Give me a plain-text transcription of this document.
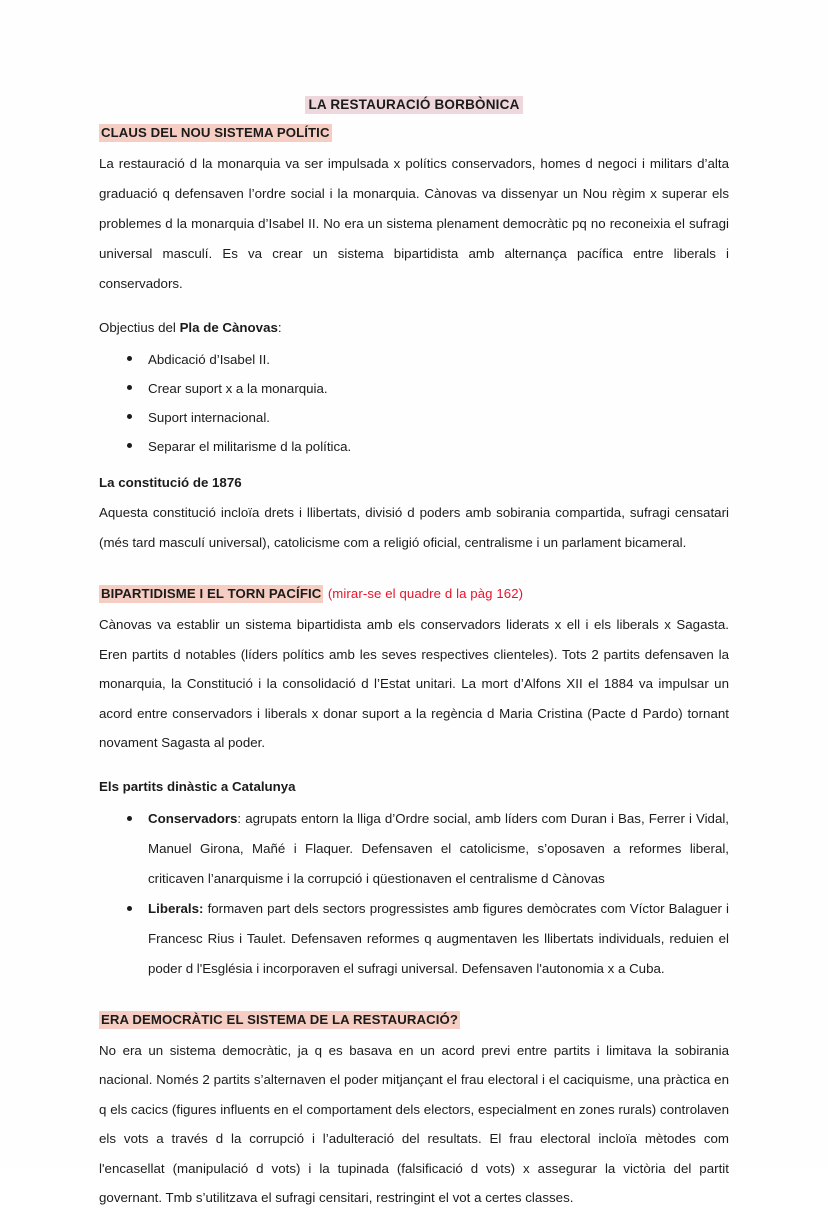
LA RESTAURACIÓ BORBÒNICA
CLAUS DEL NOU SISTEMA POLÍTIC

La restauració d la monarquia va ser impulsada x polítics conservadors, homes d negoci i militars d’alta graduació q defensaven l’ordre social i la monarquia. Cànovas va dissenyar un Nou règim x superar els problemes d la monarquia d’Isabel II. No era un sistema plenament democràtic pq no reconeixia el sufragi universal masculí. Es va crear un sistema bipartidista amb alternança pacífica entre liberals i conservadors.

Objectius del Pla de Cànovas:

Abdicació d’Isabel II.
Crear suport x a la monarquia.
Suport internacional.
Separar el militarisme d la política.
La constitució de 1876

Aquesta constitució incloïa drets i llibertats, divisió d poders amb sobirania compartida, sufragi censatari (més tard masculí universal), catolicisme com a religió oficial, centralisme i un parlament bicameral.

BIPARTIDISME I EL TORN PACÍFIC (mirar-se el quadre d la pàg 162)

Cànovas va establir un sistema bipartidista amb els conservadors liderats x ell i els liberals x Sagasta. Eren partits d notables (líders polítics amb les seves respectives clienteles). Tots 2 partits defensaven la monarquia, la Constitució i la consolidació d l’Estat unitari. La mort d’Alfons XII el 1884 va impulsar un acord entre conservadors i liberals x donar suport a la regència d Maria Cristina (Pacte d Pardo) tornant novament Sagasta al poder.

Els partits dinàstic a Catalunya
Conservadors: agrupats entorn la lliga d’Ordre social, amb líders com Duran i Bas, Ferrer i Vidal, Manuel Girona, Mañé i Flaquer. Defensaven el catolicisme, s’oposaven a reformes liberal, criticaven l’anarquisme i la corrupció i qüestionaven el centralisme d Cànovas
Liberals: formaven part dels sectors progressistes amb figures demòcrates com Víctor Balaguer i Francesc Rius i Taulet. Defensaven reformes q augmentaven les llibertats individuals, reduien el poder d l'Església i incorporaven el sufragi universal. Defensaven l'autonomia x a Cuba.
ERA DEMOCRÀTIC EL SISTEMA DE LA RESTAURACIÓ?

No era un sistema democràtic, ja q es basava en un acord previ entre partits i limitava la sobirania nacional. Només 2 partits s’alternaven el poder mitjançant el frau electoral i el caciquisme, una pràctica en q els cacics (figures influents en el comportament dels electors, especialment en zones rurals) controlaven els vots a través d la corrupció i l’adulteració del resultats. El frau electoral incloïa mètodes com l'encasellat (manipulació d vots) i la tupinada (falsificació d vots) x assegurar la victòria del partit governant. Tmb s’utilitzava el sufragi censitari, restringint el vot a certes classes.
